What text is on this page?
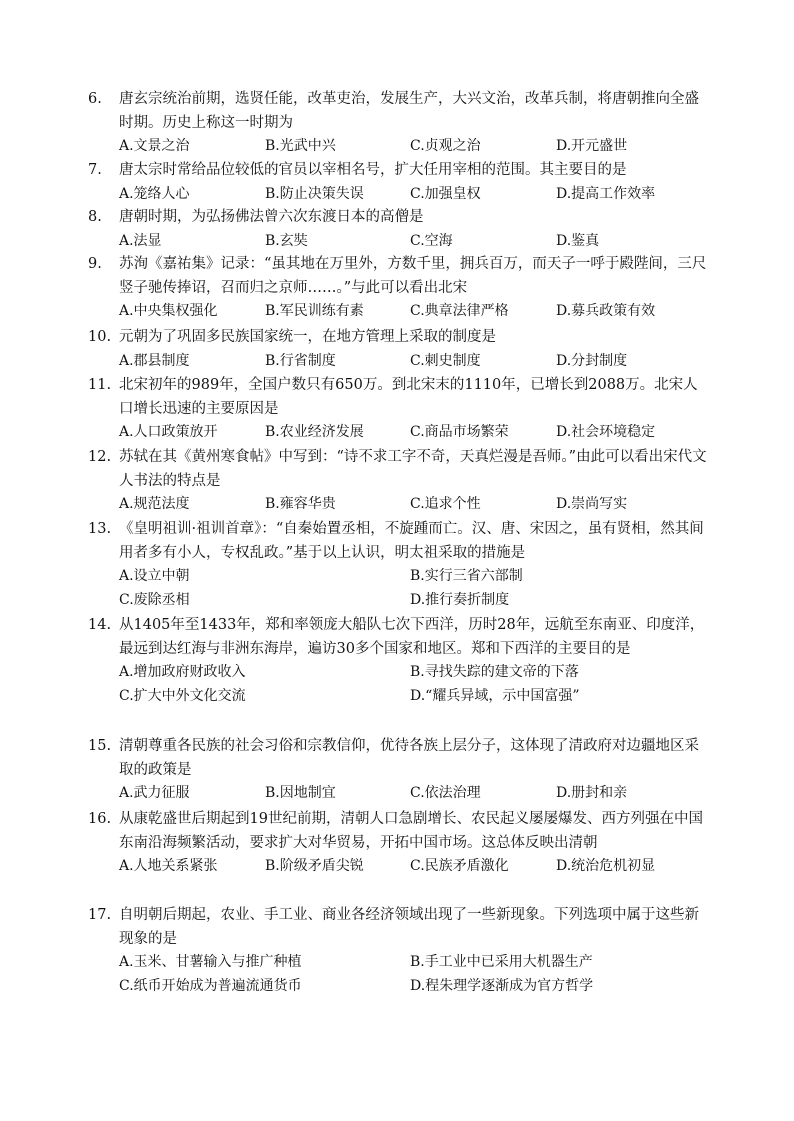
6. 唐玄宗统治前期，选贤任能，改革吏治，发展生产，大兴文治，改革兵制，将唐朝推向全盛时期。历史上称这一时期为
A.文景之治	B.光武中兴	C.贞观之治	D.开元盛世
7. 唐太宗时常给品位较低的官员以宰相名号，扩大任用宰相的范围。其主要目的是
A.笼络人心	B.防止决策失误	C.加强皇权	D.提高工作效率
8. 唐朝时期，为弘扬佛法曾六次东渡日本的高僧是
A.法显	B.玄奘	C.空海	D.鉴真
9. 苏洵《嘉祐集》记录：“虽其地在万里外，方数千里，拥兵百万，而天子一呼于殿陛间，三尺竖子驰传捧诏，召而归之京师……。”与此可以看出北宋
A.中央集权强化	B.军民训练有素	C.典章法律严格	D.募兵政策有效
10. 元朝为了巩固多民族国家统一，在地方管理上采取的制度是
A.郡县制度	B.行省制度	C.刺史制度	D.分封制度
11. 北宋初年的989年，全国户数只有650万。到北宋末的1110年，已增长到2088万。北宋人口增长迅速的主要原因是
A.人口政策放开	B.农业经济发展	C.商品市场繁荣	D.社会环境稳定
12. 苏轼在其《黄州寒食帖》中写到：“诗不求工字不奇，天真烂漫是吾师。”由此可以看出宋代文人书法的特点是
A.规范法度	B.雍容华贵	C.追求个性	D.崇尚写实
13. 《皇明祖训·祖训首章》：“自秦始置丞相，不旋踵而亡。汉、唐、宋因之，虽有贤相，然其间用者多有小人，专权乱政。”基于以上认识，明太祖采取的措施是
A.设立中朝	B.实行三省六部制
C.废除丞相	D.推行奏折制度
14. 从1405年至1433年，郑和率领庞大船队七次下西洋，历时28年，远航至东南亚、印度洋，最远到达红海与非洲东海岸，遍访30多个国家和地区。郑和下西洋的主要目的是
A.增加政府财政收入	B.寻找失踪的建文帝的下落
C.扩大中外文化交流	D.“耀兵异域，示中国富强”
15. 清朝尊重各民族的社会习俗和宗教信仰，优待各族上层分子，这体现了清政府对边疆地区采取的政策是
A.武力征服	B.因地制宜	C.依法治理	D.册封和亲
16. 从康乾盛世后期起到19世纪前期，清朝人口急剧增长、农民起义屡屡爆发、西方列强在中国东南沿海频繁活动，要求扩大对华贸易，开拓中国市场。这总体反映出清朝
A.人地关系紧张	B.阶级矛盾尖锐	C.民族矛盾激化	D.统治危机初显
17. 自明朝后期起，农业、手工业、商业各经济领域出现了一些新现象。下列选项中属于这些新现象的是
A.玉米、甘薯输入与推广种植	B.手工业中已采用大机器生产
C.纸币开始成为普遍流通货币	D.程朱理学逐渐成为官方哲学
